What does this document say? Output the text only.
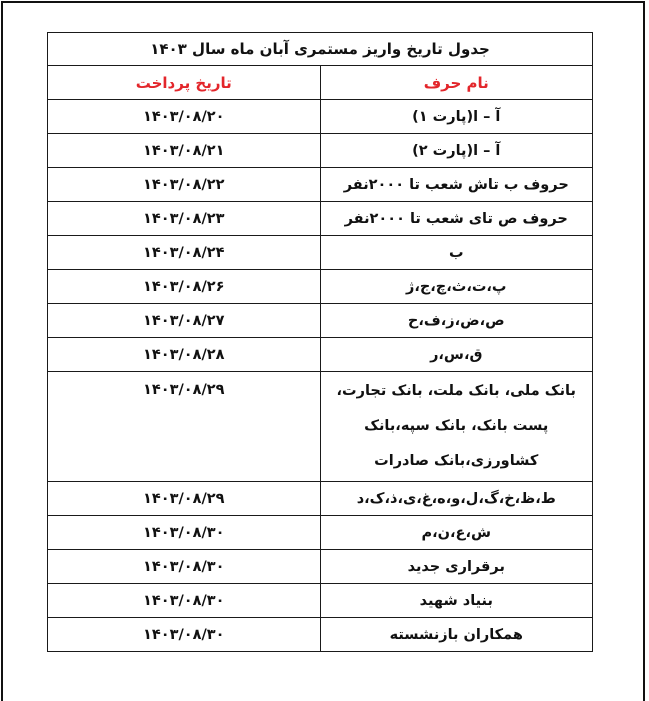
جدول تاریخ واریز مستمری آبان ماه سال ۱۴۰۳	
نام حرف	تاریخ پرداخت
آ – ا(پارت ۱)	۱۴۰۳/۰۸/۲۰
آ – ا(پارت ۲)	۱۴۰۳/۰۸/۲۱
حروف ب تاش شعب تا ۲۰۰۰نفر	۱۴۰۳/۰۸/۲۲
حروف ص تای شعب تا ۲۰۰۰نفر	۱۴۰۳/۰۸/۲۳
ب	۱۴۰۳/۰۸/۲۴
پ،ت،ث،چ،ج،ژ	۱۴۰۳/۰۸/۲۶
ص،ض،ز،ف،ح	۱۴۰۳/۰۸/۲۷
ق،س،ر	۱۴۰۳/۰۸/۲۸
بانک ملی، بانک ملت، بانک تجارت، پست بانک، بانک سپه،بانک کشاورزی،بانک صادرات	۱۴۰۳/۰۸/۲۹
ط،ظ،خ،گ،ل،و،ه،غ،ی،ذ،ک،د	۱۴۰۳/۰۸/۲۹
ش،ع،ن،م	۱۴۰۳/۰۸/۳۰
برقراری جدید	۱۴۰۳/۰۸/۳۰
بنیاد شهید	۱۴۰۳/۰۸/۳۰
همکاران بازنشسته	۱۴۰۳/۰۸/۳۰
